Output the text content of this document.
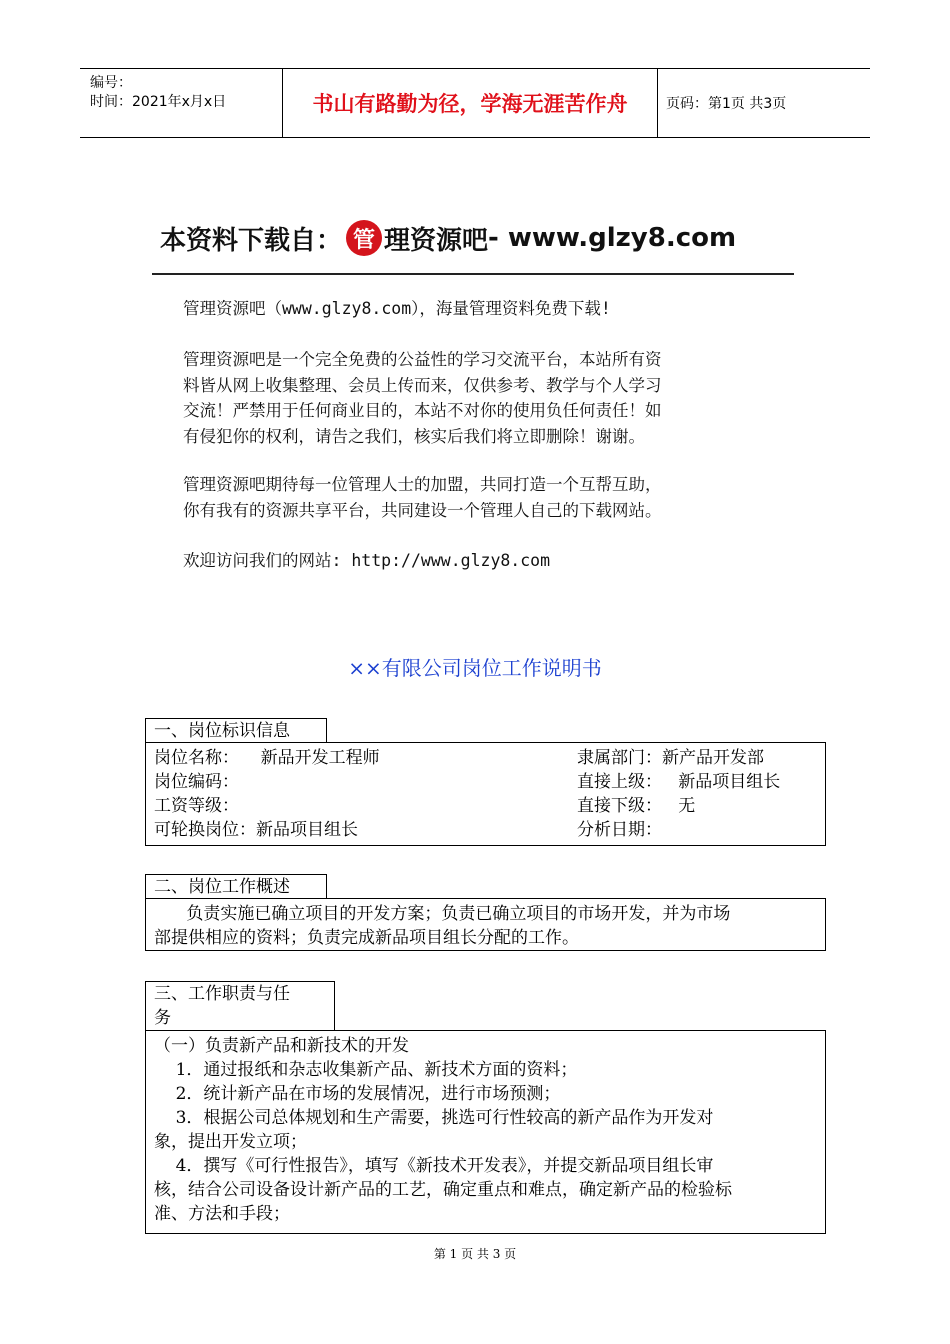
编号：
时间：2021年x月x日	书山有路勤为径，学海无涯苦作舟	页码：第1页 共3页
本资料下载自： 管 理资源吧 - www.glzy8.com

管理资源吧（www.glzy8.com），海量管理资料免费下载!

管理资源吧是一个完全免费的公益性的学习交流平台，本站所有资

料皆从网上收集整理、会员上传而来，仅供参考、教学与个人学习

交流！严禁用于任何商业目的，本站不对你的使用负任何责任！如

有侵犯你的权利，请告之我们，核实后我们将立即删除！谢谢。

管理资源吧期待每一位管理人士的加盟，共同打造一个互帮互助，

你有我有的资源共享平台，共同建设一个管理人自己的下载网站。

欢迎访问我们的网站: http://www.glzy8.com

××有限公司岗位工作说明书
一、岗位标识信息
岗位名称：    新品开发工程师	隶属部门：新产品开发部
岗位编码：	直接上级：   新品项目组长
工资等级：	直接下级：   无
可轮换岗位：新品项目组长	分析日期：
二、岗位工作概述

负责实施已确立项目的开发方案；负责已确立项目的市场开发，并为市场

部提供相应的资料；负责完成新品项目组长分配的工作。

三、工作职责与任
务

（一）负责新产品和新技术的开发

1．通过报纸和杂志收集新产品、新技术方面的资料；

2．统计新产品在市场的发展情况，进行市场预测；

3．根据公司总体规划和生产需要，挑选可行性较高的新产品作为开发对

象，提出开发立项；

4．撰写《可行性报告》，填写《新技术开发表》，并提交新品项目组长审

核，结合公司设备设计新产品的工艺，确定重点和难点，确定新产品的检验标

准、方法和手段；

第 1 页 共 3 页
